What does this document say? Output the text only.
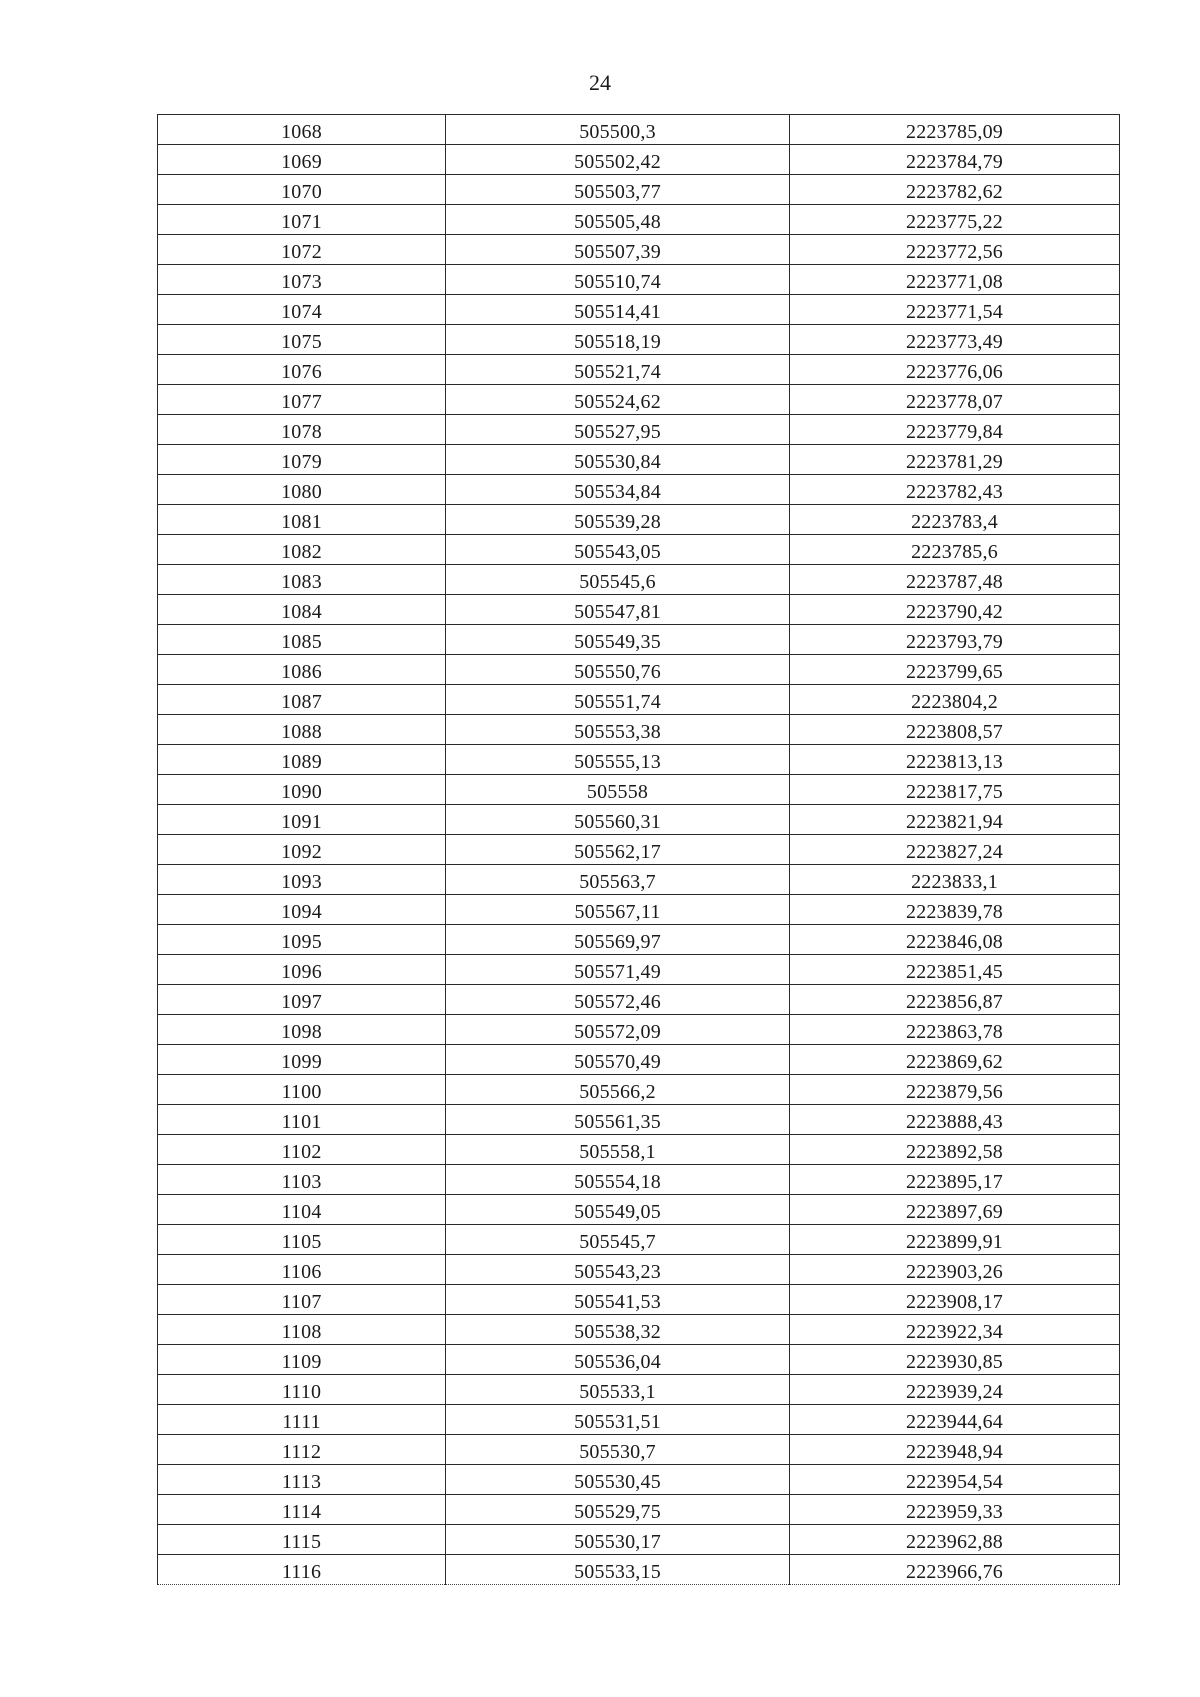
24
1068	505500,3	2223785,09
1069	505502,42	2223784,79
1070	505503,77	2223782,62
1071	505505,48	2223775,22
1072	505507,39	2223772,56
1073	505510,74	2223771,08
1074	505514,41	2223771,54
1075	505518,19	2223773,49
1076	505521,74	2223776,06
1077	505524,62	2223778,07
1078	505527,95	2223779,84
1079	505530,84	2223781,29
1080	505534,84	2223782,43
1081	505539,28	2223783,4
1082	505543,05	2223785,6
1083	505545,6	2223787,48
1084	505547,81	2223790,42
1085	505549,35	2223793,79
1086	505550,76	2223799,65
1087	505551,74	2223804,2
1088	505553,38	2223808,57
1089	505555,13	2223813,13
1090	505558	2223817,75
1091	505560,31	2223821,94
1092	505562,17	2223827,24
1093	505563,7	2223833,1
1094	505567,11	2223839,78
1095	505569,97	2223846,08
1096	505571,49	2223851,45
1097	505572,46	2223856,87
1098	505572,09	2223863,78
1099	505570,49	2223869,62
1100	505566,2	2223879,56
1101	505561,35	2223888,43
1102	505558,1	2223892,58
1103	505554,18	2223895,17
1104	505549,05	2223897,69
1105	505545,7	2223899,91
1106	505543,23	2223903,26
1107	505541,53	2223908,17
1108	505538,32	2223922,34
1109	505536,04	2223930,85
1110	505533,1	2223939,24
1111	505531,51	2223944,64
1112	505530,7	2223948,94
1113	505530,45	2223954,54
1114	505529,75	2223959,33
1115	505530,17	2223962,88
1116	505533,15	2223966,76
